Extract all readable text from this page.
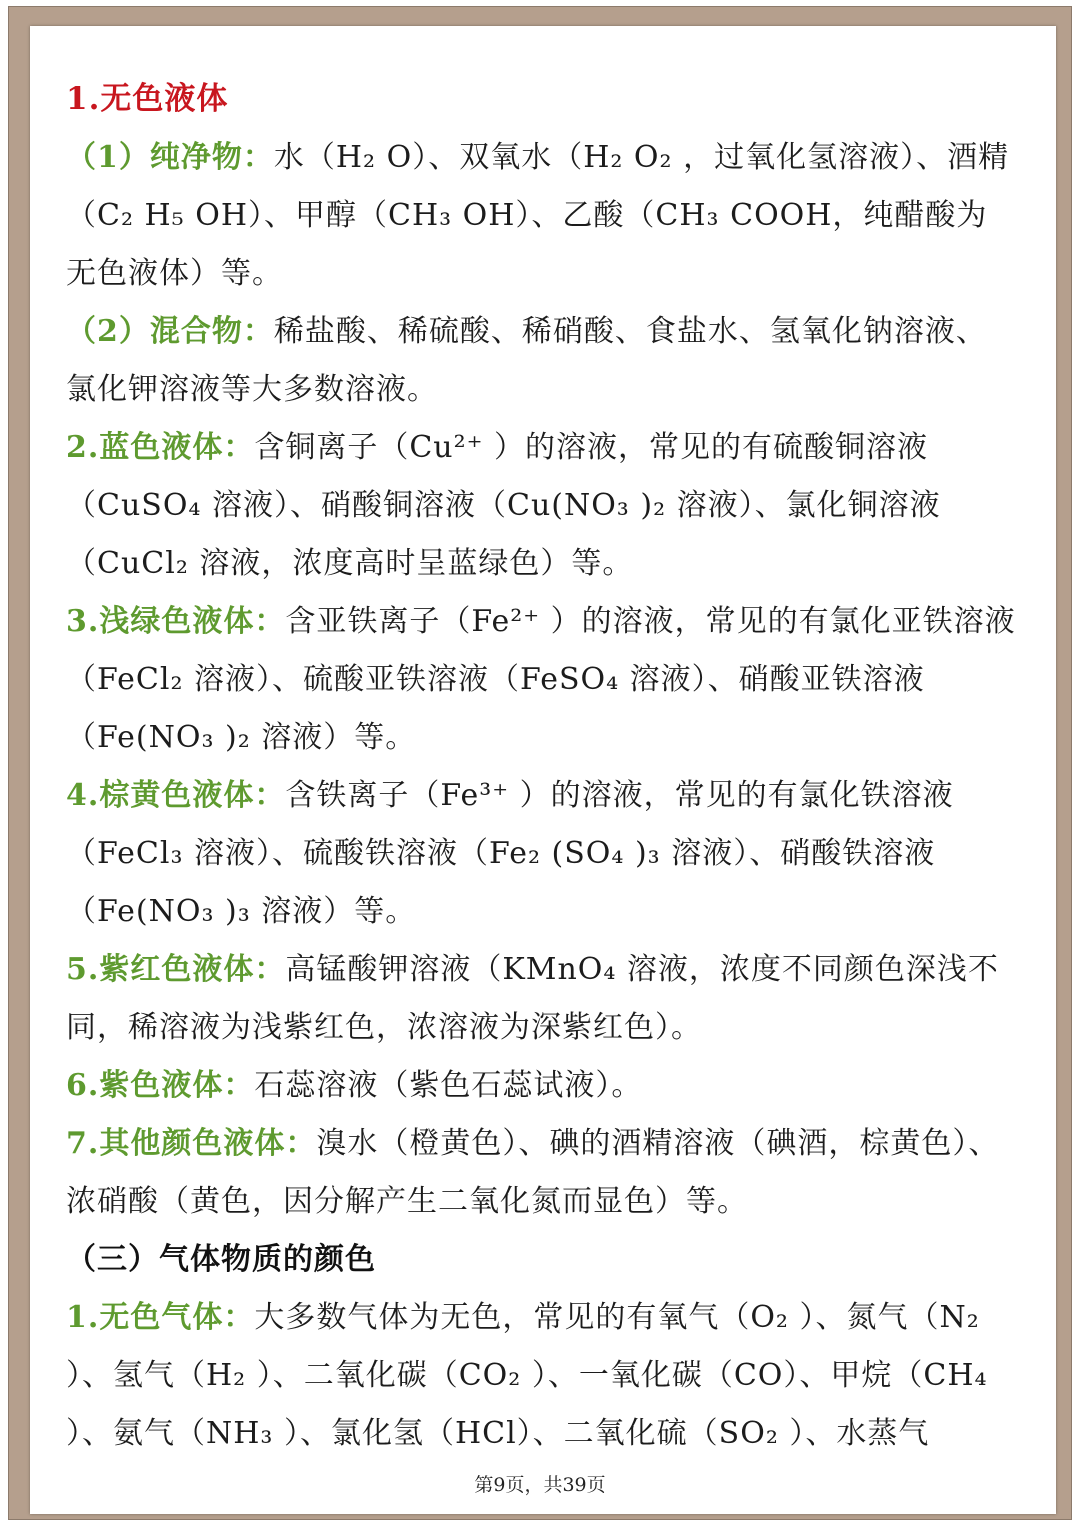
1.无色液体

（1）纯净物：水（H₂ O）、双氧水（H₂ O₂ ，过氧化氢溶液）、酒精（C₂ H₅ OH）、甲醇（CH₃ OH）、乙酸（CH₃ COOH，纯醋酸为无色液体）等。

（2）混合物：稀盐酸、稀硫酸、稀硝酸、食盐水、氢氧化钠溶液、氯化钾溶液等大多数溶液。

2.蓝色液体：含铜离子（Cu²⁺ ）的溶液，常见的有硫酸铜溶液（CuSO₄ 溶液）、硝酸铜溶液（Cu(NO₃ )₂ 溶液）、氯化铜溶液（CuCl₂ 溶液，浓度高时呈蓝绿色）等。

3.浅绿色液体：含亚铁离子（Fe²⁺ ）的溶液，常见的有氯化亚铁溶液（FeCl₂ 溶液）、硫酸亚铁溶液（FeSO₄ 溶液）、硝酸亚铁溶液（Fe(NO₃ )₂ 溶液）等。

4.棕黄色液体：含铁离子（Fe³⁺ ）的溶液，常见的有氯化铁溶液（FeCl₃ 溶液）、硫酸铁溶液（Fe₂ (SO₄ )₃ 溶液）、硝酸铁溶液（Fe(NO₃ )₃ 溶液）等。

5.紫红色液体：高锰酸钾溶液（KMnO₄ 溶液，浓度不同颜色深浅不同，稀溶液为浅紫红色，浓溶液为深紫红色）。

6.紫色液体：石蕊溶液（紫色石蕊试液）。

7.其他颜色液体：溴水（橙黄色）、碘的酒精溶液（碘酒，棕黄色）、浓硝酸（黄色，因分解产生二氧化氮而显色）等。

（三）气体物质的颜色

1.无色气体：大多数气体为无色，常见的有氧气（O₂ ）、氮气（N₂ ）、氢气（H₂ ）、二氧化碳（CO₂ ）、一氧化碳（CO）、甲烷（CH₄ ）、氨气（NH₃ ）、氯化氢（HCl）、二氧化硫（SO₂ ）、水蒸气

第9页，共39页
